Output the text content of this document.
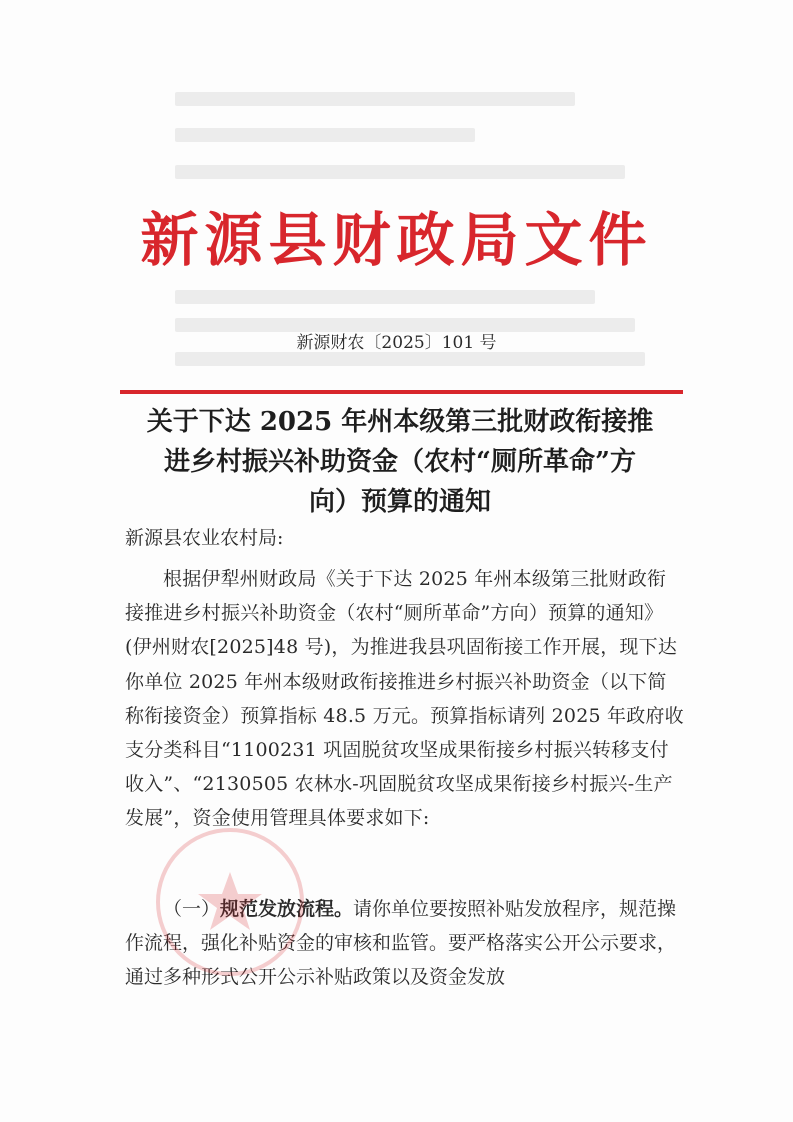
新源县财政局文件
新源财农〔2025〕101 号
关于下达 2025 年州本级第三批财政衔接推
进乡村振兴补助资金（农村“厕所革命”方
向）预算的通知
新源县农业农村局:
根据伊犁州财政局《关于下达 2025 年州本级第三批财政衔接推进乡村振兴补助资金（农村“厕所革命”方向）预算的通知》(伊州财农[2025]48 号)，为推进我县巩固衔接工作开展，现下达你单位 2025 年州本级财政衔接推进乡村振兴补助资金（以下简称衔接资金）预算指标 48.5 万元。预算指标请列 2025 年政府收支分类科目“1100231 巩固脱贫攻坚成果衔接乡村振兴转移支付收入”、“2130505 农林水-巩固脱贫攻坚成果衔接乡村振兴-生产发展”，资金使用管理具体要求如下:
（一）规范发放流程。请你单位要按照补贴发放程序，规范操作流程，强化补贴资金的审核和监管。要严格落实公开公示要求，通过多种形式公开公示补贴政策以及资金发放
